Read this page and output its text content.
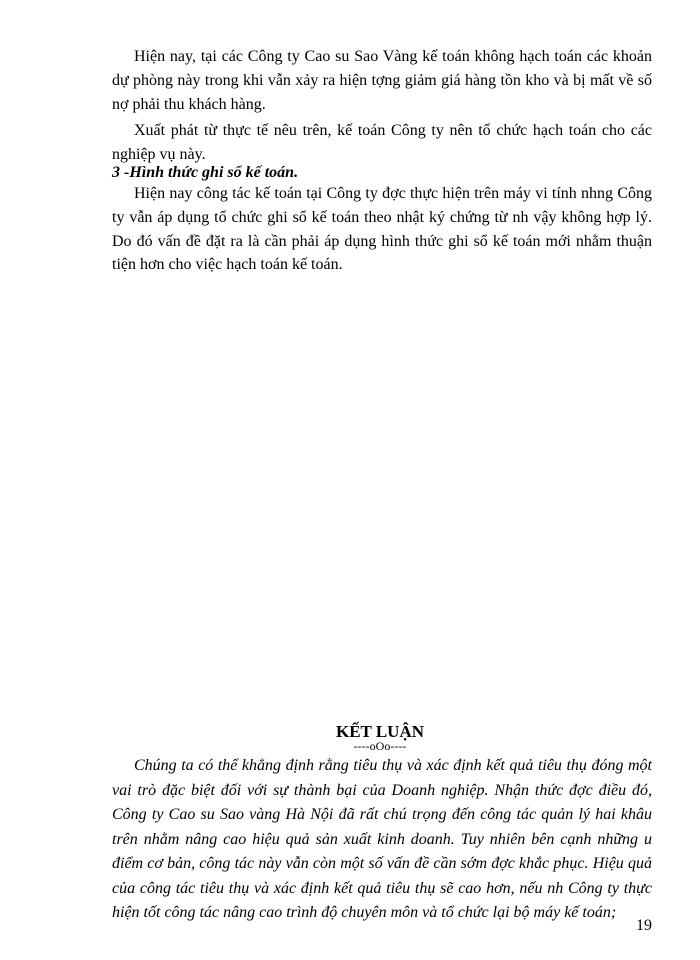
Hiện nay, tại các Công ty Cao su Sao Vàng kế toán không hạch toán các khoản dự phòng này trong khi vẫn xảy ra hiện tợng giảm giá hàng tồn kho và bị mất về số nợ phải thu khách hàng.

Xuất phát từ thực tế nêu trên, kế toán Công ty nên tổ chức hạch toán cho các nghiệp vụ này.

3 -Hình thức ghi sổ kế toán.

Hiện nay công tác kế toán tại Công ty đợc thực hiện trên máy vi tính nhng Công ty vẫn áp dụng tổ chức ghi sổ kế toán theo nhật ký chứng từ nh vậy không hợp lý. Do đó vấn đề đặt ra là cần phải áp dụng hình thức ghi sổ kế toán mới nhằm thuận tiện hơn cho việc hạch toán kế toán.

KẾT LUẬN

----oOo----

Chúng ta có thể khẳng định rằng tiêu thụ và xác định kết quả tiêu thụ đóng một vai trò đặc biệt đối với sự thành bại của Doanh nghiệp. Nhận thức đợc điều đó, Công ty Cao su Sao vàng Hà Nội đã rất chú trọng đến công tác quản lý hai khâu trên nhằm nâng cao hiệu quả sản xuất kinh doanh. Tuy nhiên bên cạnh những u điểm cơ bản, công tác này vẫn còn một số vấn đề cần sớm đợc khắc phục. Hiệu quả của công tác tiêu thụ và xác định kết quả tiêu thụ sẽ cao hơn, nếu nh Công ty thực hiện tốt công tác nâng cao trình độ chuyên môn và tổ chức lại bộ máy kế toán;

19
